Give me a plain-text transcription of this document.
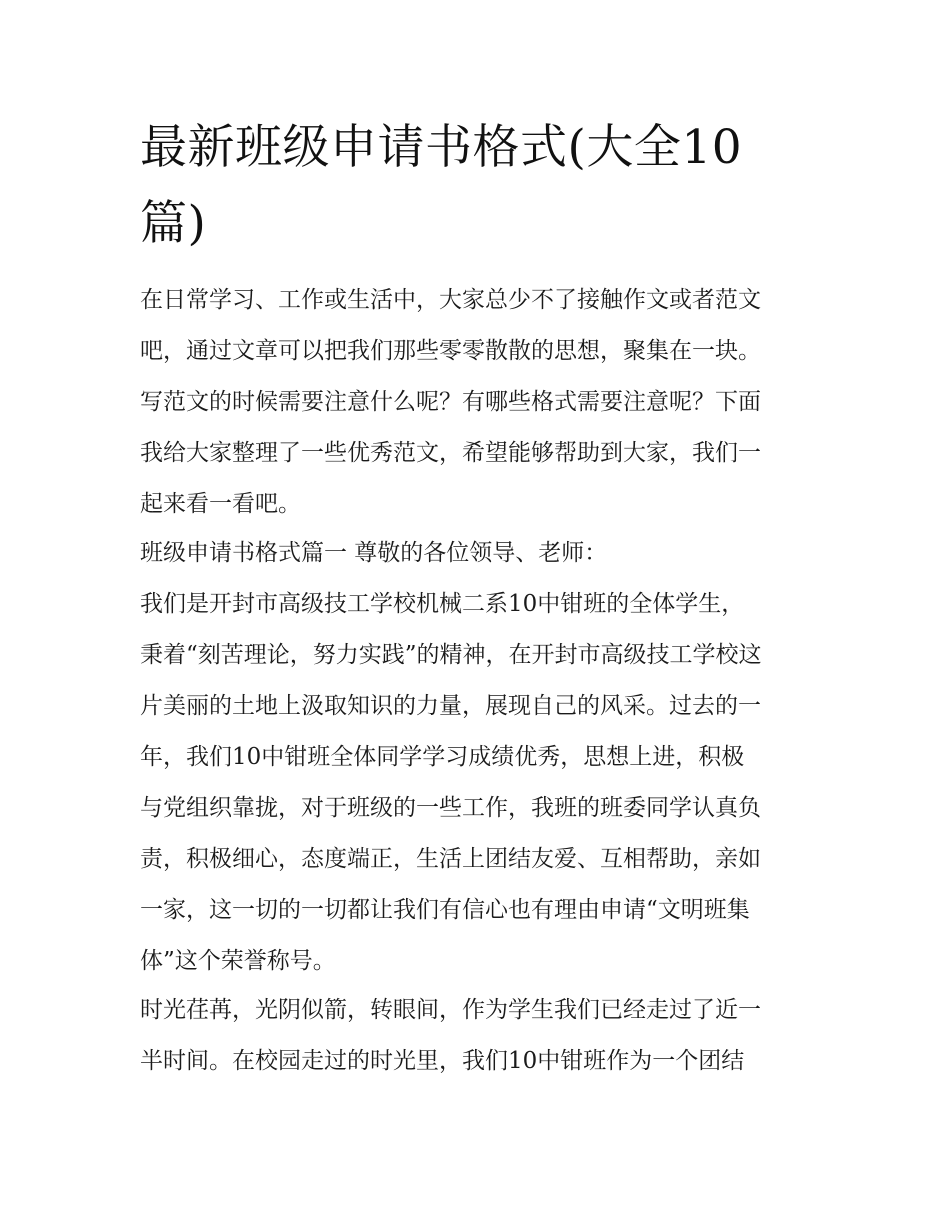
最新班级申请书格式(大全10
篇)
在日常学习、工作或生活中，大家总少不了接触作文或者范文
吧，通过文章可以把我们那些零零散散的思想，聚集在一块。
写范文的时候需要注意什么呢？有哪些格式需要注意呢？下面
我给大家整理了一些优秀范文，希望能够帮助到大家，我们一
起来看一看吧。
班级申请书格式篇一 尊敬的各位领导、老师：
我们是开封市高级技工学校机械二系10中钳班的全体学生，
秉着“刻苦理论，努力实践”的精神，在开封市高级技工学校这
片美丽的土地上汲取知识的力量，展现自己的风采。过去的一
年，我们10中钳班全体同学学习成绩优秀，思想上进，积极
与党组织靠拢，对于班级的一些工作，我班的班委同学认真负
责，积极细心，态度端正，生活上团结友爱、互相帮助，亲如
一家，这一切的一切都让我们有信心也有理由申请“文明班集
体”这个荣誉称号。
时光荏苒，光阴似箭，转眼间，作为学生我们已经走过了近一
半时间。在校园走过的时光里，我们10中钳班作为一个团结
